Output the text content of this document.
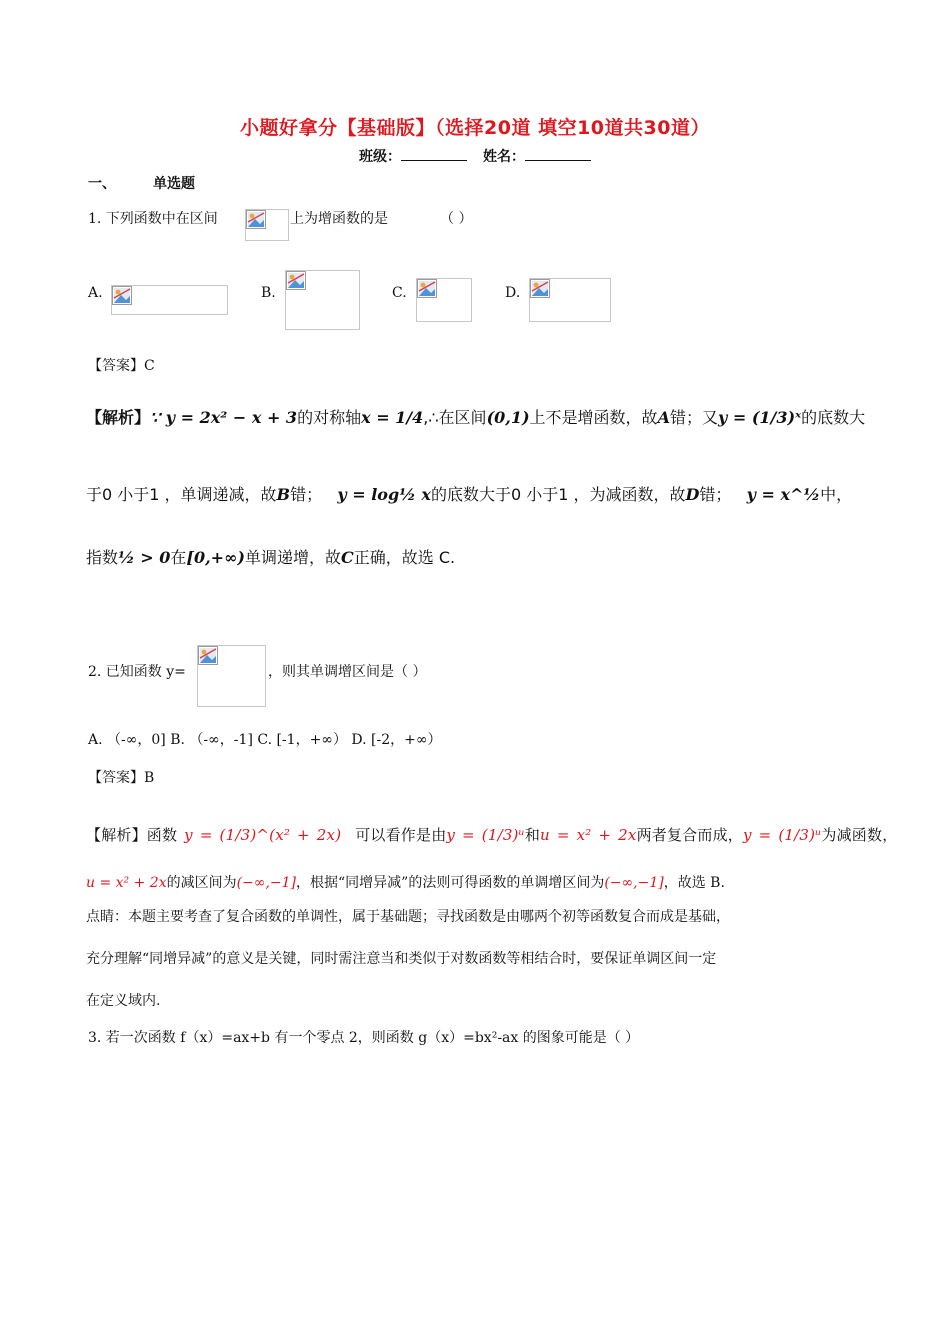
小题好拿分【基础版】（选择20道 填空10道共30道）
班级：	姓名：
一、	单选题
1. 下列函数中在区间	上为增函数的是	（ ）
A.	B.	C.	D.
【答案】C
【解析】∵ y = 2x² − x + 3的对称轴x = 1/4,∴在区间(0,1)上不是增函数，故A错；又y = (1/3)ˣ的底数大
于0 小于1 ，单调递减，故B错； y = log½ x的底数大于0 小于1 ，为减函数，故D错； y = x^½中，
指数½ > 0在[0,+∞)单调递增，故C正确，故选 C.
2. 已知函数 y=	，则其单调增区间是（ ）
A. （-∞，0] B. （-∞，-1] C. [-1，+∞） D. [-2，+∞）
【答案】B
【解析】函数 y = (1/3)^(x² + 2x) 可以看作是由y = (1/3)ᵘ和u = x² + 2x两者复合而成，y = (1/3)ᵘ为减函数，
u = x² + 2x的减区间为(−∞,−1]，根据“同增异减”的法则可得函数的单调增区间为(−∞,−1]，故选 B.
点睛：本题主要考查了复合函数的单调性，属于基础题；寻找函数是由哪两个初等函数复合而成是基础，
充分理解“同增异减”的意义是关键，同时需注意当和类似于对数函数等相结合时，要保证单调区间一定
在定义域内.
3. 若一次函数 f（x）=ax+b 有一个零点 2，则函数 g（x）=bx²-ax 的图象可能是（ ）
